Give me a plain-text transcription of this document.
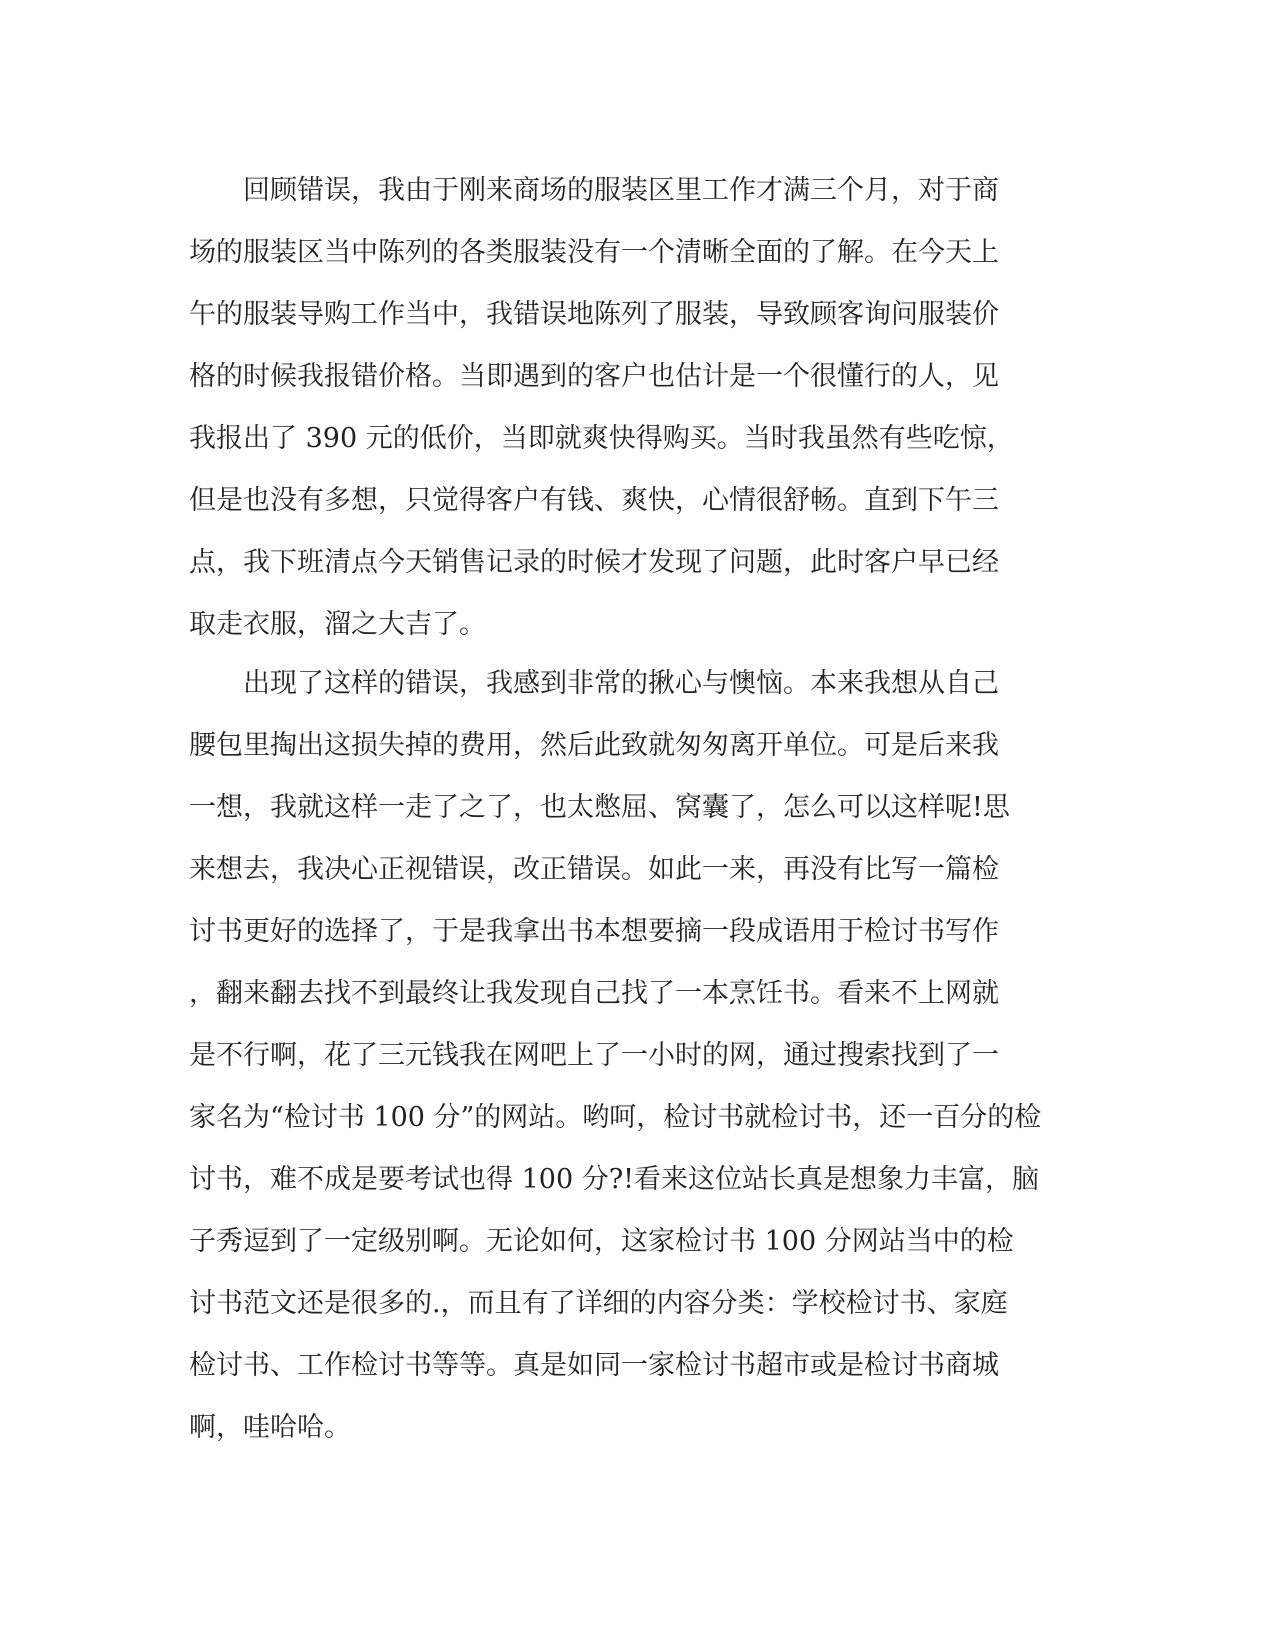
　　回顾错误，我由于刚来商场的服装区里工作才满三个月，对于商
场的服装区当中陈列的各类服装没有一个清晰全面的了解。在今天上
午的服装导购工作当中，我错误地陈列了服装，导致顾客询问服装价
格的时候我报错价格。当即遇到的客户也估计是一个很懂行的人，见
我报出了 390 元的低价，当即就爽快得购买。当时我虽然有些吃惊，
但是也没有多想，只觉得客户有钱、爽快，心情很舒畅。直到下午三
点，我下班清点今天销售记录的时候才发现了问题，此时客户早已经
取走衣服，溜之大吉了。
　　出现了这样的错误，我感到非常的揪心与懊恼。本来我想从自己
腰包里掏出这损失掉的费用，然后此致就匆匆离开单位。可是后来我
一想，我就这样一走了之了，也太憋屈、窝囊了，怎么可以这样呢!思
来想去，我决心正视错误，改正错误。如此一来，再没有比写一篇检
讨书更好的选择了，于是我拿出书本想要摘一段成语用于检讨书写作
，翻来翻去找不到最终让我发现自己找了一本烹饪书。看来不上网就
是不行啊，花了三元钱我在网吧上了一小时的网，通过搜索找到了一
家名为“检讨书 100 分”的网站。哟呵，检讨书就检讨书，还一百分的检
讨书，难不成是要考试也得 100 分?!看来这位站长真是想象力丰富，脑
子秀逗到了一定级别啊。无论如何，这家检讨书 100 分网站当中的检
讨书范文还是很多的.，而且有了详细的内容分类：学校检讨书、家庭
检讨书、工作检讨书等等。真是如同一家检讨书超市或是检讨书商城
啊，哇哈哈。
